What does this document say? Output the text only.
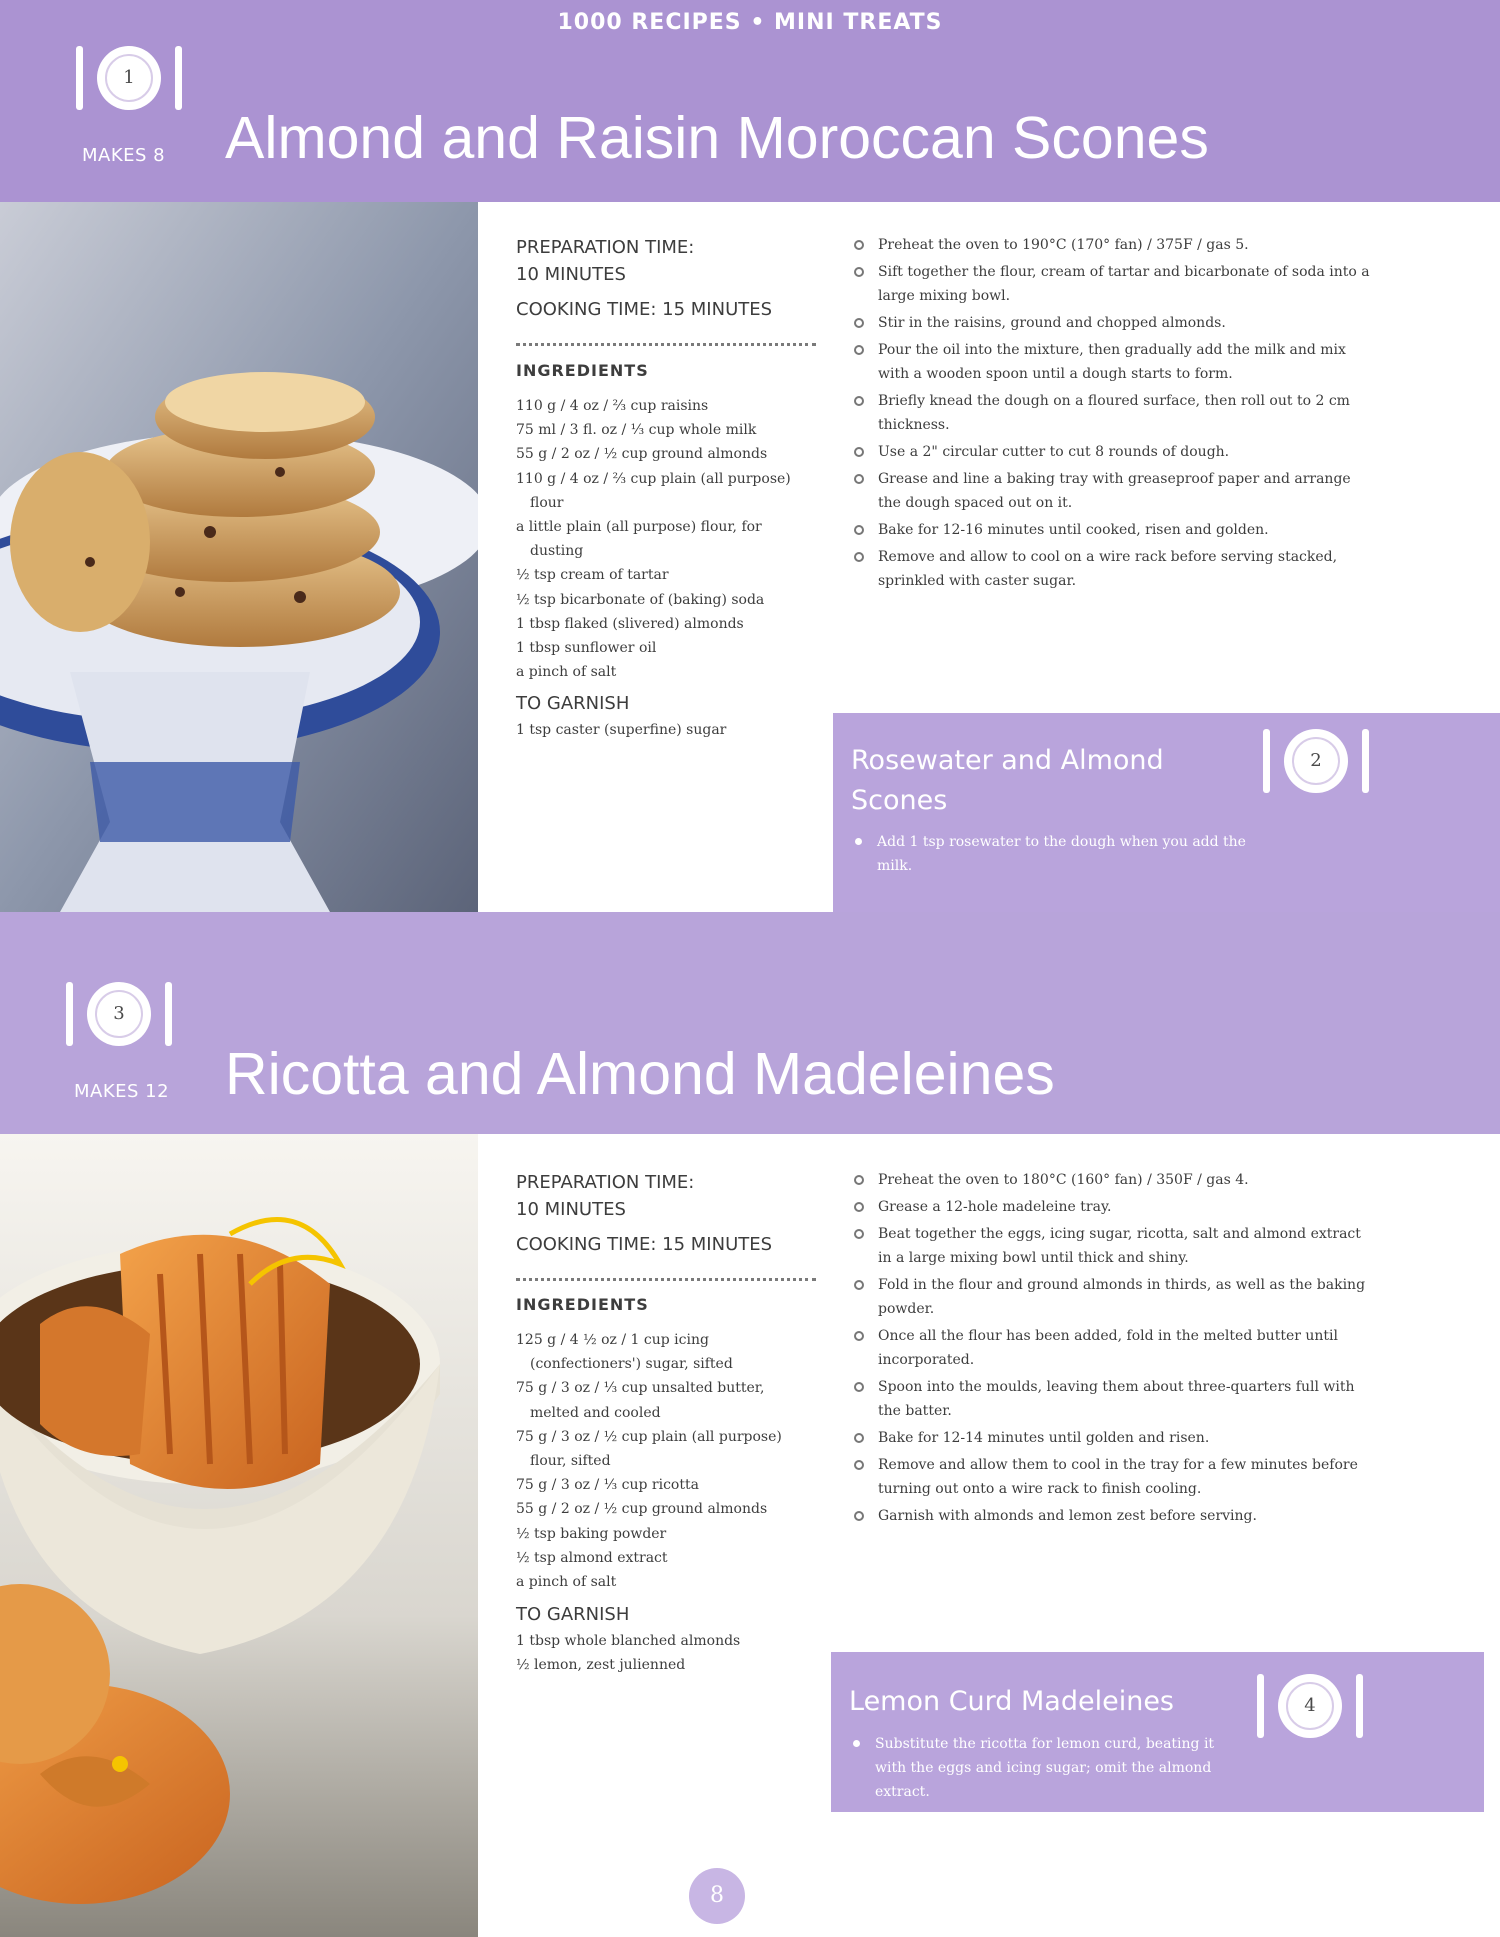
1000 RECIPES • MINI TREATS
1
MAKES 8 Almond and Raisin Moroccan Scones
PREPARATION TIME:
10 MINUTES
COOKING TIME: 15 MINUTES
INGREDIENTS
110 g / 4 oz / ⅔ cup raisins
75 ml / 3 fl. oz / ⅓ cup whole milk
55 g / 2 oz / ½ cup ground almonds
110 g / 4 oz / ⅔ cup plain (all purpose) flour
a little plain (all purpose) flour, for dusting
½ tsp cream of tartar
½ tsp bicarbonate of (baking) soda
1 tbsp flaked (slivered) almonds
1 tbsp sunflower oil
a pinch of salt
TO GARNISH
1 tsp caster (superfine) sugar
Preheat the oven to 190°C (170° fan) / 375F / gas 5.
Sift together the flour, cream of tartar and bicarbonate of soda into a large mixing bowl.
Stir in the raisins, ground and chopped almonds.
Pour the oil into the mixture, then gradually add the milk and mix with a wooden spoon until a dough starts to form.
Briefly knead the dough on a floured surface, then roll out to 2 cm thickness.
Use a 2" circular cutter to cut 8 rounds of dough.
Grease and line a baking tray with greaseproof paper and arrange the dough spaced out on it.
Bake for 12-16 minutes until cooked, risen and golden.
Remove and allow to cool on a wire rack before serving stacked, sprinkled with caster sugar.
Rosewater and Almond Scones
2
Add 1 tsp rosewater to the dough when you add the milk.
3
MAKES 12 Ricotta and Almond Madeleines
PREPARATION TIME:
10 MINUTES
COOKING TIME: 15 MINUTES
INGREDIENTS
125 g / 4 ½ oz / 1 cup icing (confectioners') sugar, sifted
75 g / 3 oz / ⅓ cup unsalted butter, melted and cooled
75 g / 3 oz / ½ cup plain (all purpose) flour, sifted
75 g / 3 oz / ⅓ cup ricotta
55 g / 2 oz / ½ cup ground almonds
½ tsp baking powder
½ tsp almond extract
a pinch of salt
TO GARNISH
1 tbsp whole blanched almonds
½ lemon, zest julienned
Preheat the oven to 180°C (160° fan) / 350F / gas 4.
Grease a 12-hole madeleine tray.
Beat together the eggs, icing sugar, ricotta, salt and almond extract in a large mixing bowl until thick and shiny.
Fold in the flour and ground almonds in thirds, as well as the baking powder.
Once all the flour has been added, fold in the melted butter until incorporated.
Spoon into the moulds, leaving them about three-quarters full with the batter.
Bake for 12-14 minutes until golden and risen.
Remove and allow them to cool in the tray for a few minutes before turning out onto a wire rack to finish cooling.
Garnish with almonds and lemon zest before serving.
Lemon Curd Madeleines	4
Substitute the ricotta for lemon curd, beating it with the eggs and icing sugar; omit the almond extract.
8
